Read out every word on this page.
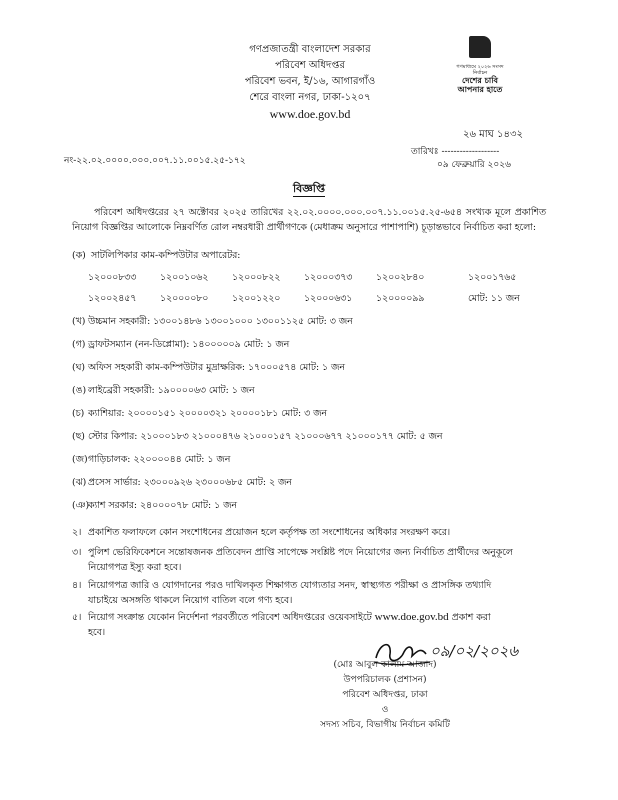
গণপ্রজাতন্ত্রী বাংলাদেশ সরকার
পরিবেশ অধিদপ্তর
পরিবেশ ভবন, ই/১৬, আগারগাঁও
শেরে বাংলা নগর, ঢাকা-১২০৭
www.doe.gov.bd
গণমাধ্যমে ২০২৬ সংসদ নির্বাচন
দেশের চাবি
আপনার হাতে
২৬ মাঘ ১৪৩২
নং-২২.০২.০০০০.০০০.০০৭.১১.০০১৫.২৫-১৭২
তারিখঃ -------------------
০৯ ফেব্রুয়ারি ২০২৬
বিজ্ঞপ্তি
পরিবেশ অধিদপ্তরের ২৭ অক্টোবর ২০২৫ তারিখের ২২.০২.০০০০.০০০.০০৭.১১.০০১৫.২৫-৬৫৪ সংখ্যক মূলে প্রকাশিত নিয়োগ বিজ্ঞপ্তির আলোকে নিম্নবর্ণিত রোল নম্বরধারী প্রার্থীগণকে (মেধাক্রম অনুসারে পাশাপাশি) চূড়ান্তভাবে নির্বাচিত করা হলো:
(ক) সাটলিপিকার কাম-কম্পিউটার অপারেটর:
১২০০০৮৩৩	১২০০১০৬২	১২০০০৮২২	১২০০০৩৭৩	১২০০২৮৪০	১২০০১৭৬৫
১২০০২৪৫৭	১২০০০০৮০	১২০০১২২০	১২০০০৬৩১	১২০০০০৯৯	মোট: ১১ জন
(খ) উচ্চমান সহকারী: ১৩০০১৪৮৬ ১৩০০১০০০ ১৩০০১১২৫ মোট: ৩ জন
(গ) ড্রাফটসম্যান (নন-ডিপ্লোমা): ১৪০০০০০৯ মোট: ১ জন
(ঘ) অফিস সহকারী কাম-কম্পিউটার মুদ্রাক্ষরিক: ১৭০০০৫৭৪ মোট: ১ জন
(ঙ) লাইব্রেরী সহকারী: ১৯০০০০৬৩ মোট: ১ জন
(চ) ক্যাশিয়ার: ২০০০০১৫১ ২০০০০৩২১ ২০০০০১৮১ মোট: ৩ জন
(ছ) স্টোর কিপার: ২১০০০১৮৩ ২১০০০৪৭৬ ২১০০০১৫৭ ২১০০০৬৭৭ ২১০০০১৭৭ মোট: ৫ জন
(জ)গাড়িচালক: ২২০০০০৪৪ মোট: ১ জন
(ঝ) প্রসেস সার্ভার: ২৩০০০৯২৬ ২৩০০০৬৮৫ মোট: ২ জন
(ঞ)ক্যাশ সরকার: ২৪০০০০৭৮ মোট: ১ জন
২। প্রকাশিত ফলাফলে কোন সংশোধনের প্রয়োজন হলে কর্তৃপক্ষ তা সংশোধনের অধিকার সংরক্ষণ করে।
৩। পুলিশ ভেরিফিকেশনে সন্তোষজনক প্রতিবেদন প্রাপ্তি সাপেক্ষে সংশ্লিষ্ট পদে নিয়োগের জন্য নির্বাচিত প্রার্থীদের অনুকূলে
নিয়োগপত্র ইস্যু করা হবে।
৪। নিয়োগপত্র জারি ও যোগদানের পরও দাখিলকৃত শিক্ষাগত যোগ্যতার সনদ, স্বাস্থ্যগত পরীক্ষা ও প্রাসঙ্গিক তথ্যাদি
যাচাইয়ে অসঙ্গতি থাকলে নিয়োগ বাতিল বলে গণ্য হবে।
৫। নিয়োগ সংক্রান্ত যেকোন নির্দেশনা পরবর্তীতে পরিবেশ অধিদপ্তরের ওয়েবসাইটে www.doe.gov.bd প্রকাশ করা
হবে।
০৯/০২/২০২৬
(মোঃ আবুল কালাম আজাদ)
উপপরিচালক (প্রশাসন)
পরিবেশ অধিদপ্তর, ঢাকা
ও
সদস্য সচিব, বিভাগীয় নির্বাচন কমিটি
